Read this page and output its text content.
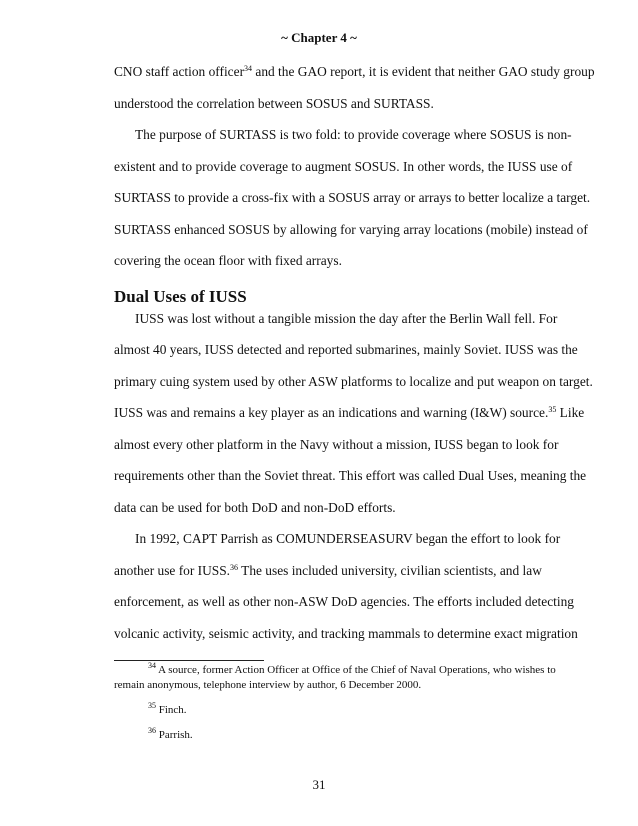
~ Chapter 4 ~
CNO staff action officer$^{34}$ and the GAO report, it is evident that neither GAO study group
understood the correlation between SOSUS and SURTASS.
The purpose of SURTASS is two fold: to provide coverage where SOSUS is non-
existent and to provide coverage to augment SOSUS. In other words, the IUSS use of
SURTASS to provide a cross-fix with a SOSUS array or arrays to better localize a target.
SURTASS enhanced SOSUS by allowing for varying array locations (mobile) instead of
covering the ocean floor with fixed arrays.
Dual Uses of IUSS
IUSS was lost without a tangible mission the day after the Berlin Wall fell. For
almost 40 years, IUSS detected and reported submarines, mainly Soviet. IUSS was the
primary cuing system used by other ASW platforms to localize and put weapon on target.
IUSS was and remains a key player as an indications and warning (I&W) source.$^{35}$ Like
almost every other platform in the Navy without a mission, IUSS began to look for
requirements other than the Soviet threat. This effort was called Dual Uses, meaning the
data can be used for both DoD and non-DoD efforts.
In 1992, CAPT Parrish as COMUNDERSEASURV began the effort to look for
another use for IUSS.$^{36}$ The uses included university, civilian scientists, and law
enforcement, as well as other non-ASW DoD agencies. The efforts included detecting
volcanic activity, seismic activity, and tracking mammals to determine exact migration
$^{34}$ A source, former Action Officer at Office of the Chief of Naval Operations, who wishes to
remain anonymous, telephone interview by author, 6 December 2000.
$^{35}$ Finch.
$^{36}$ Parrish.
31
